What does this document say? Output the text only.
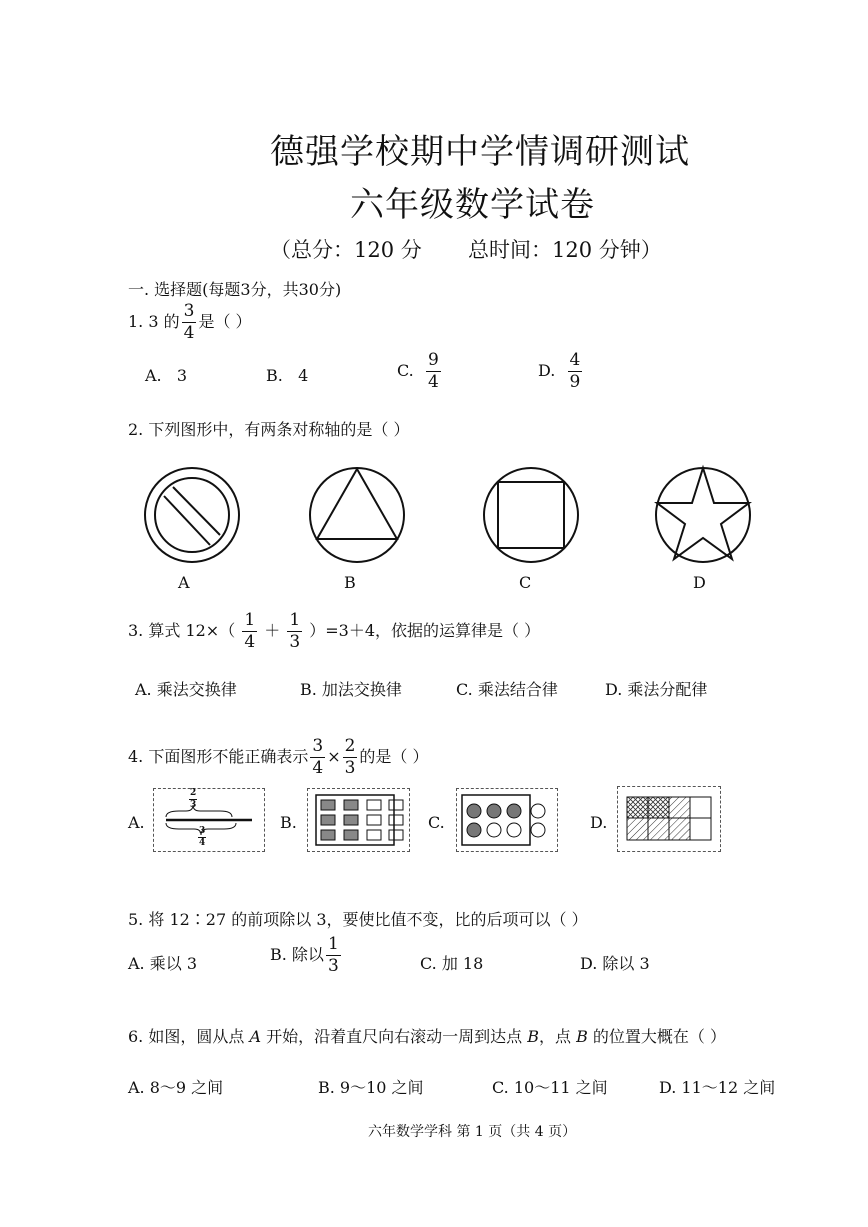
德强学校期中学情调研测试
六年级数学试卷
（总分：120 分 总时间：120 分钟）
一. 选择题(每题3分，共30分)
1. 3 的 $\frac{3}{4}$ 是（ ）
A. 3	B. 4	C. $\frac{9}{4}$	D. $\frac{4}{9}$
2. 下列图形中，有两条对称轴的是（ ）
A	B	C	D
3. 算式 $12\times( \frac{1}{4} + \frac{1}{3} )=3+4$，依据的运算律是（ ）
A. 乘法交换律	B. 加法交换律	C. 乘法结合律	D. 乘法分配律
4. 下面图形不能正确表示 $\frac{3}{4} \times \frac{2}{3}$ 的是（ ）
A.
$\frac{2}{3}$
$\frac{3}{4}$
B.	C.	D.
5. 将 12∶27 的前项除以 3，要使比值不变，比的后项可以（ ）
A. 乘以 3	B. 除以 $\frac{1}{3}$	C. 加 18	D. 除以 3
6. 如图，圆从点 A 开始，沿着直尺向右滚动一周到达点 B，点 B 的位置大概在（ ）
A. 8～9 之间	B. 9～10 之间	C. 10～11 之间	D. 11～12 之间
六年数学学科 第 1 页（共 4 页）
